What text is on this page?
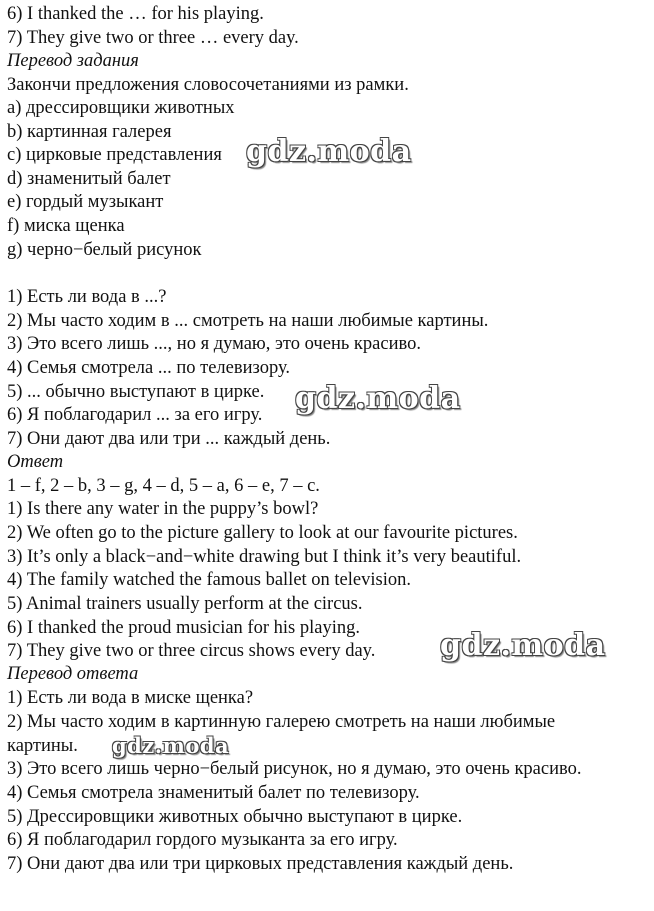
6) I thanked the … for his playing.
7) They give two or three … every day.
Перевод задания
Закончи предложения словосочетаниями из рамки.
a) дрессировщики животных
b) картинная галерея
c) цирковые представления
d) знаменитый балет
e) гордый музыкант
f) миска щенка
g) черно−белый рисунок
1) Есть ли вода в ...?
2) Мы часто ходим в ... смотреть на наши любимые картины.
3) Это всего лишь ..., но я думаю, это очень красиво.
4) Семья смотрела ... по телевизору.
5) ... обычно выступают в цирке.
6) Я поблагодарил ... за его игру.
7) Они дают два или три ... каждый день.
Ответ
1 – f, 2 – b, 3 – g, 4 – d, 5 – a, 6 – e, 7 – c.
1) Is there any water in the puppy’s bowl?
2) We often go to the picture gallery to look at our favourite pictures.
3) It’s only a black−and−white drawing but I think it’s very beautiful.
4) The family watched the famous ballet on television.
5) Animal trainers usually perform at the circus.
6) I thanked the proud musician for his playing.
7) They give two or three circus shows every day.
Перевод ответа
1) Есть ли вода в миске щенка?
2) Мы часто ходим в картинную галерею смотреть на наши любимые
картины.
3) Это всего лишь черно−белый рисунок, но я думаю, это очень красиво.
4) Семья смотрела знаменитый балет по телевизору.
5) Дрессировщики животных обычно выступают в цирке.
6) Я поблагодарил гордого музыканта за его игру.
7) Они дают два или три цирковых представления каждый день.
gdz.moda
gdz.moda
gdz.moda
gdz.moda
